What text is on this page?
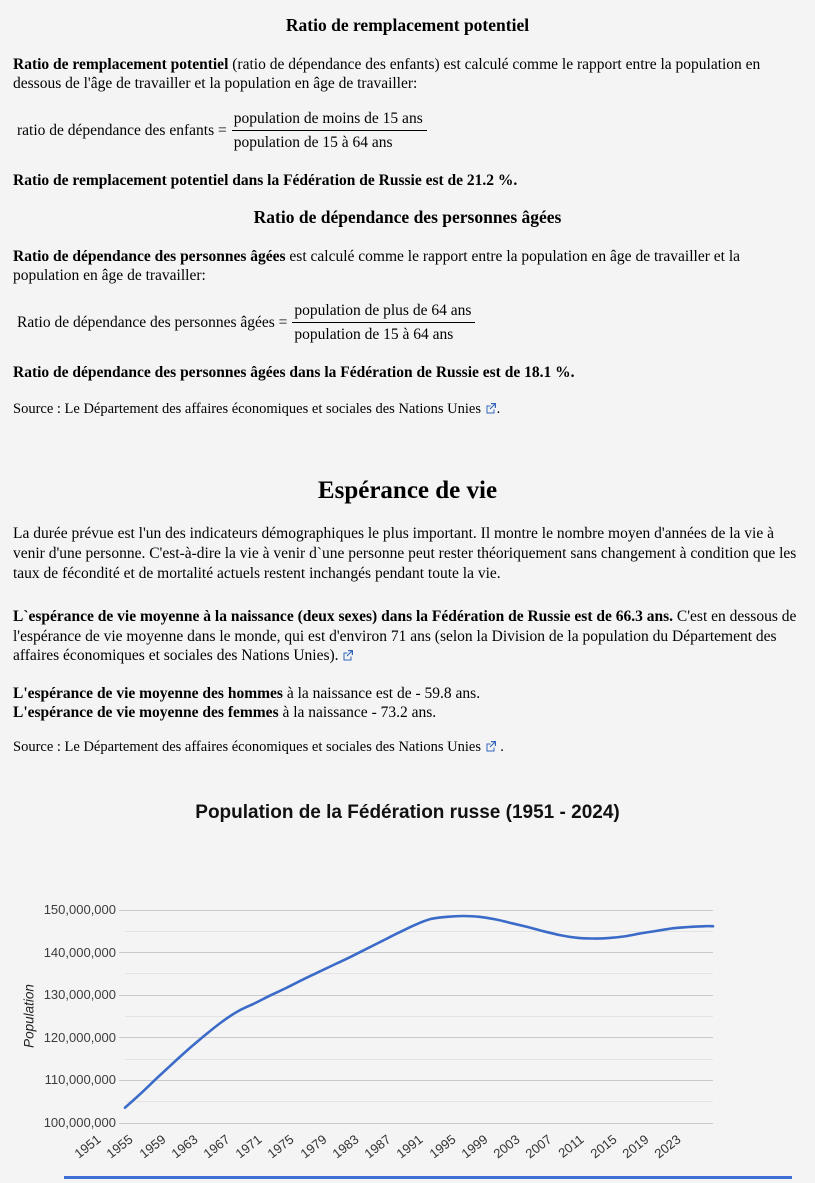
Ratio de remplacement potentiel
Ratio de remplacement potentiel (ratio de dépendance des enfants) est calculé comme le rapport entre la population en dessous de l'âge de travailler et la population en âge de travailler:
ratio de dépendance des enfants = $\frac{\text{population de moins de 15 ans}}{\text{population de 15 à 64 ans}}$
Ratio de remplacement potentiel dans la Fédération de Russie est de 21.2 %.
Ratio de dépendance des personnes âgées
Ratio de dépendance des personnes âgées est calculé comme le rapport entre la population en âge de travailler et la population en âge de travailler:
Ratio de dépendance des personnes âgées = $\frac{\text{population de plus de 64 ans}}{\text{population de 15 à 64 ans}}$
Ratio de dépendance des personnes âgées dans la Fédération de Russie est de 18.1 %.
Source : Le Département des affaires économiques et sociales des Nations Unies .
Espérance de vie
La durée prévue est l'un des indicateurs démographiques le plus important. Il montre le nombre moyen d'années de la vie à venir d'une personne. C'est-à-dire la vie à venir d`une personne peut rester théoriquement sans changement à condition que les taux de fécondité et de mortalité actuels restent inchangés pendant toute la vie.
L`espérance de vie moyenne à la naissance (deux sexes) dans la Fédération de Russie est de 66.3 ans. C'est en dessous de l'espérance de vie moyenne dans le monde, qui est d'environ 71 ans (selon la Division de la population du Département des affaires économiques et sociales des Nations Unies).
L'espérance de vie moyenne des hommes à la naissance est de - 59.8 ans.
L'espérance de vie moyenne des femmes à la naissance - 73.2 ans.
Source : Le Département des affaires économiques et sociales des Nations Unies  .
Population de la Fédération russe (1951 - 2024)
Population
150,000,000
140,000,000
130,000,000
120,000,000
110,000,000
100,000,000
1951 1955 1959 1963 1967 1971 1975 1979 1983 1987 1991 1995 1999 2003 2007 2011 2015 2019 2023
